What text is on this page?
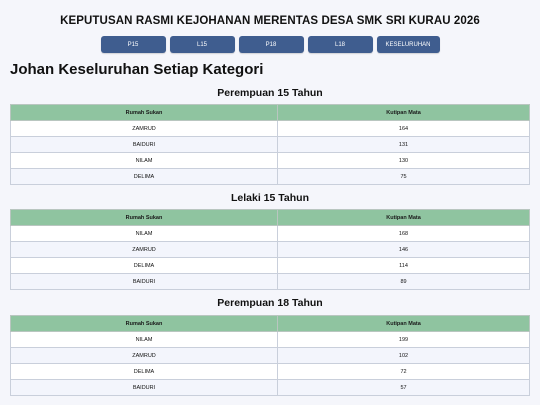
KEPUTUSAN RASMI KEJOHANAN MERENTAS DESA SMK SRI KURAU 2026
P15	L15	P18	L18	KESELURUHAN
Johan Keseluruhan Setiap Kategori
Perempuan 15 Tahun
Rumah Sukan	Kutipan Mata
ZAMRUD	164
BAIDURI	131
NILAM	130
DELIMA	75
Lelaki 15 Tahun
Rumah Sukan	Kutipan Mata
NILAM	168
ZAMRUD	146
DELIMA	114
BAIDURI	89
Perempuan 18 Tahun
Rumah Sukan	Kutipan Mata
NILAM	199
ZAMRUD	102
DELIMA	72
BAIDURI	57
